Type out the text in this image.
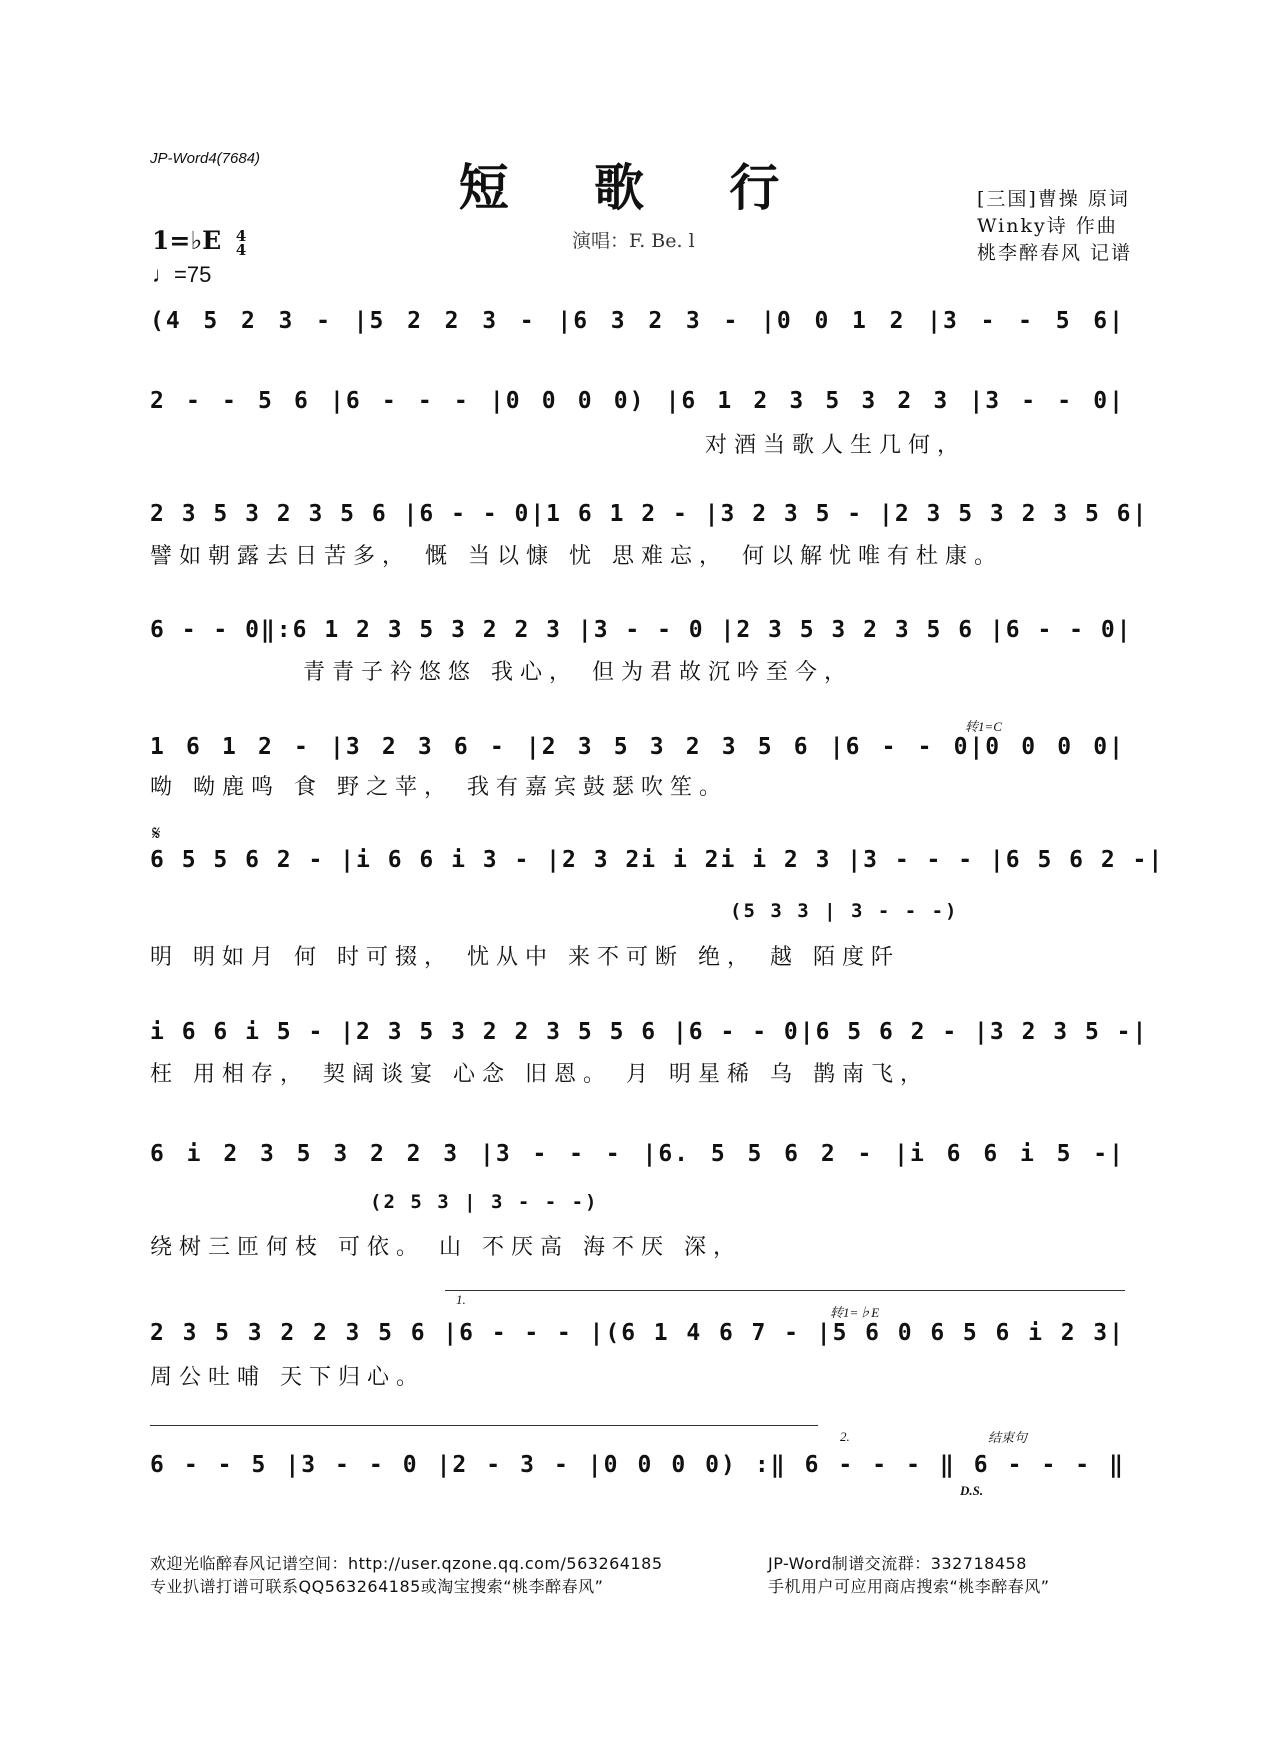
JP-Word4(7684)	短 歌 行	[三国]曹操 原词
Winky诗 作曲
桃李醉春风 记谱
1=♭E 4
4
♩=75
演唱：F. Be. l
(4 5 2 3 - |5 2 2 3 - |6 3 2 3 - |0 0 1 2 |3 - - 5 6|
2 - - 5 6 |6 - - - |0 0 0 0) |6 1 2 3 5 3 2 3 |3 - - 0|
对酒当歌人生几何，
2 3 5 3 2 3 5 6 |6 - - 0|1 6 1 2 - |3 2 3 5 - |2 3 5 3 2 3 5 6|
譬如朝露去日苦多， 慨 当以慷 忧 思难忘， 何以解忧唯有杜康。
6 - - 0‖:6 1 2 3 5 3 2 2 3 |3 - - 0 |2 3 5 3 2 3 5 6 |6 - - 0|
青青子衿悠悠 我心， 但为君故沉吟至今，
转1=C
1 6 1 2 - |3 2 3 6 - |2 3 5 3 2 3 5 6 |6 - - 0|0 0 0 0|
呦 呦鹿鸣 食 野之苹， 我有嘉宾鼓瑟吹笙。
𝄋
6 5 5 6 2 - |i 6 6 i 3 - |2 3 2i i 2i i 2 3 |3 - - - |6 5 6 2 -|
(5 3 3 | 3 - - -)
明 明如月 何 时可掇， 忧从中 来不可断 绝， 越 陌度阡
i 6 6 i 5 - |2 3 5 3 2 2 3 5 5 6 |6 - - 0|6 5 6 2 - |3 2 3 5 -|
枉 用相存， 契阔谈宴 心念 旧恩。 月 明星稀 乌 鹊南飞，
6 i 2 3 5 3 2 2 3 |3 - - - |6. 5 5 6 2 - |i 6 6 i 5 -|
(2 5 3 | 3 - - -)
绕树三匝何枝 可依。 山 不厌高 海不厌 深，
1.
转1=♭E
2 3 5 3 2 2 3 5 6 |6 - - - |(6 1 4 6 7 - |5 6 0 6 5 6 i 2 3|
周公吐哺 天下归心。
2.	结束句
6 - - 5 |3 - - 0 |2 - 3 - |0 0 0 0) :‖ 6 - - - ‖ 6 - - - ‖
D.S.
欢迎光临醉春风记谱空间：http://user.qzone.qq.com/563264185
专业扒谱打谱可联系QQ563264185或淘宝搜索“桃李醉春风”
JP-Word制谱交流群：332718458
手机用户可应用商店搜索“桃李醉春风”
